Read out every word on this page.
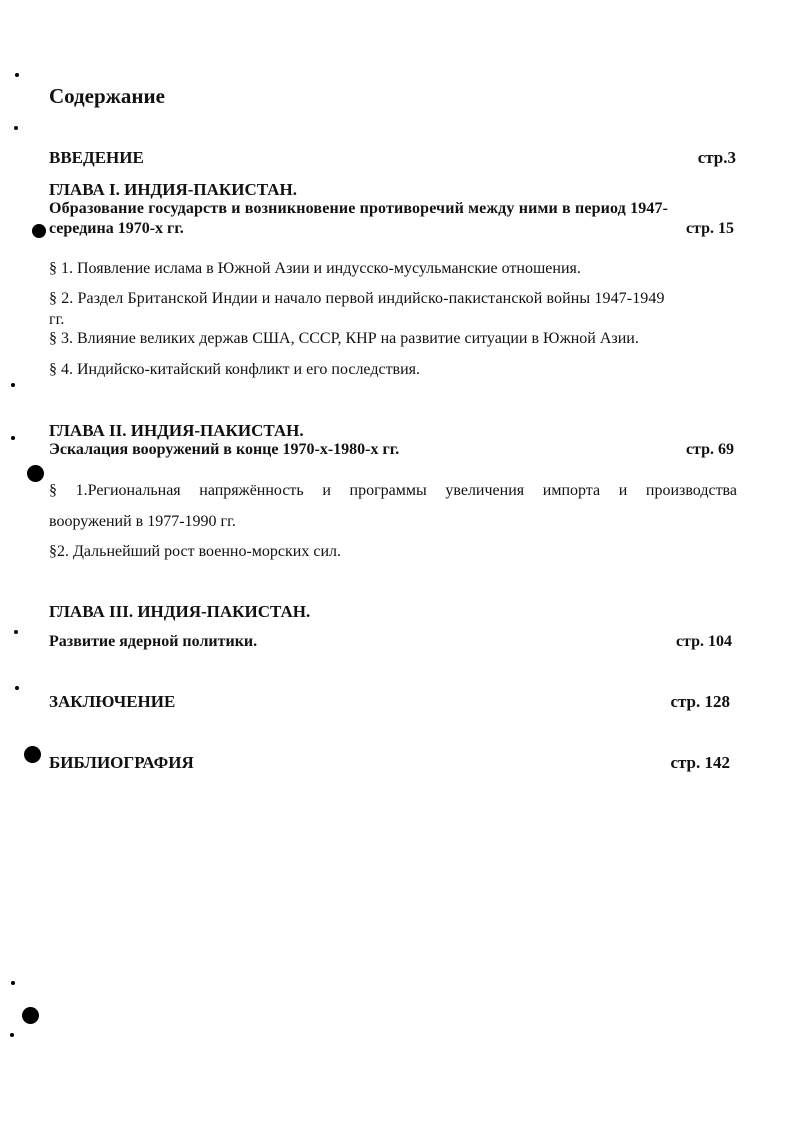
Содержание
ВВЕДЕНИЕ	стр.3
ГЛАВА I. ИНДИЯ-ПАКИСТАН.
Образование государств и возникновение противоречий между ними в период 1947-
середина 1970-х гг.	стр. 15
§ 1. Появление ислама в Южной Азии и индусско-мусульманские отношения.
§ 2. Раздел Британской Индии и начало первой индийско-пакистанской войны 1947-1949
гг.
§ 3. Влияние великих держав США, СССР, КНР на развитие ситуации в Южной Азии.
§ 4. Индийско-китайский конфликт и его последствия.
ГЛАВА II. ИНДИЯ-ПАКИСТАН.
Эскалация вооружений в конце 1970-х-1980-х гг.	стр. 69
§ 1.Региональная напряжённость и программы увеличения импорта и производства
вооружений в 1977-1990 гг.
§2. Дальнейший рост военно-морских сил.
ГЛАВА III. ИНДИЯ-ПАКИСТАН.
Развитие ядерной политики.	стр. 104
ЗАКЛЮЧЕНИЕ	стр. 128
БИБЛИОГРАФИЯ	стр. 142
